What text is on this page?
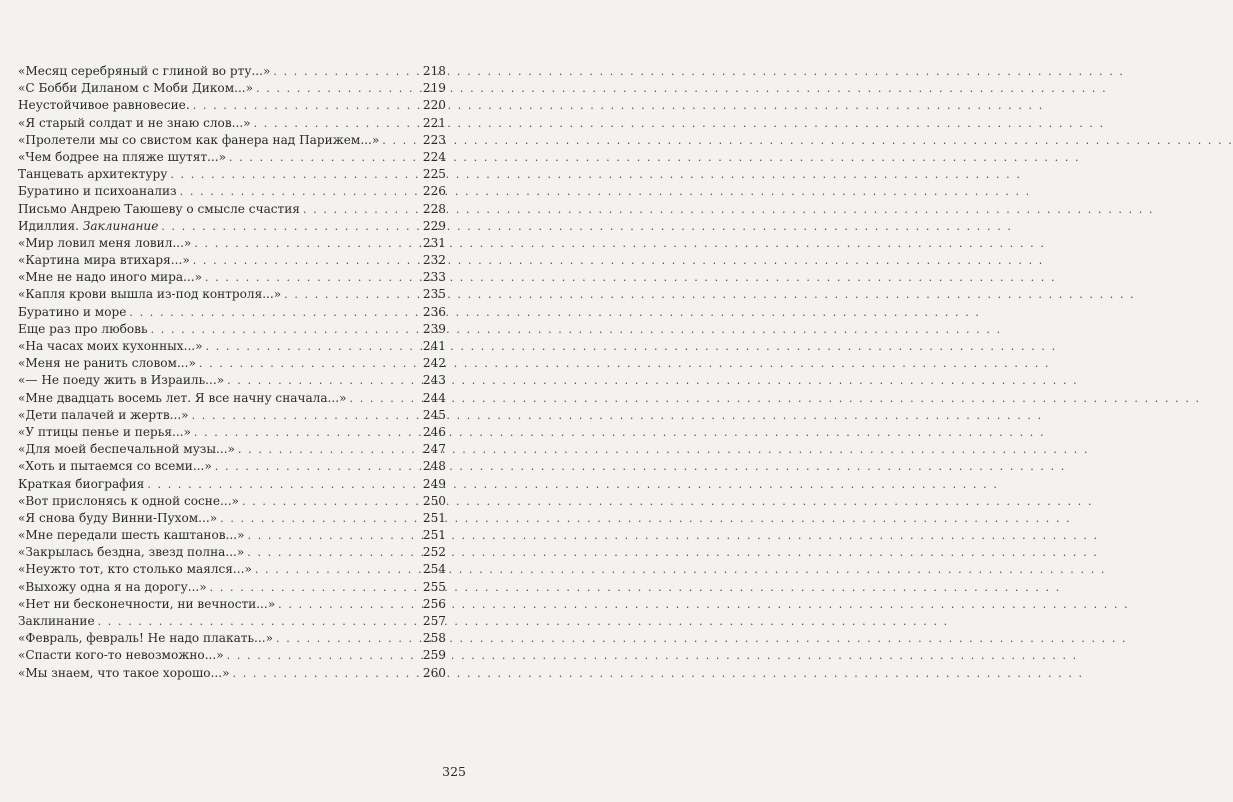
«Месяц серебряный с глиной во рту...» . . .	218
«С Бобби Диланом с Моби Диком...» . . .	219
Неустойчивое равновесие. . . .	220
«Я старый солдат и не знаю слов...» . . .	221
«Пролетели мы со свистом как фанера над Парижем...» . . .	223
«Чем бодрее на пляже шутят...» . . .	224
Танцевать архитектуру . . .	225
Буратино и психоанализ . . .	226
Письмо Андрею Таюшеву о смысле счастия . . .	228
Идиллия. Заклинание . . .	229
«Мир ловил меня ловил...» . . .	231
«Картина мира втихаря...» . . .	232
«Мне не надо иного мира...» . . .	233
«Капля крови вышла из-под контроля...» . . .	235
Буратино и море . . .	236
Еще раз про любовь . . .	239
«На часах моих кухонных...» . . .	241
«Меня не ранить словом...» . . .	242
«— Не поеду жить в Израиль...» . . .	243
«Мне двадцать восемь лет. Я все начну сначала...» . . .	244
«Дети палачей и жертв...» . . .	245
«У птицы пенье и перья...» . . .	246
«Для моей беспечальной музы...» . . .	247
«Хоть и пытаемся со всеми...» . . .	248
Краткая биография . . .	249
«Вот прислонясь к одной сосне...» . . .	250
«Я снова буду Винни-Пухом...» . . .	251
«Мне передали шесть каштанов...» . . .	251
«Закрылась бездна, звезд полна...» . . .	252
«Неужто тот, кто столько маялся...» . . .	254
«Выхожу одна я на дорогу...» . . .	255
«Нет ни бесконечности, ни вечности...» . . .	256
Заклинание . . .	257
«Февраль, февраль! Не надо плакать...» . . .	258
«Спасти кого-то невозможно...» . . .	259
«Мы знаем, что такое хорошо...» . . .	260
325
